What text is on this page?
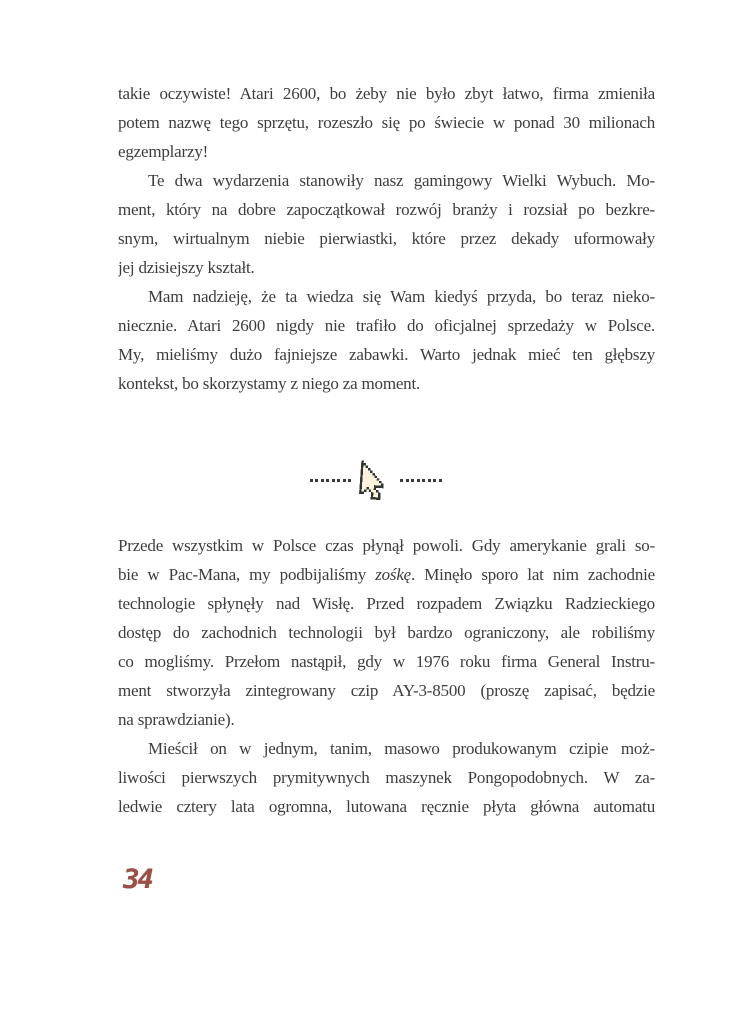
takie oczywiste! Atari 2600, bo żeby nie było zbyt łatwo, firma zmieniła
potem nazwę tego sprzętu, rozeszło się po świecie w ponad 30 milionach
egzemplarzy!
Te dwa wydarzenia stanowiły nasz gamingowy Wielki Wybuch. Mo-
ment, który na dobre zapoczątkował rozwój branży i rozsiał po bezkre-
snym, wirtualnym niebie pierwiastki, które przez dekady uformowały
jej dzisiejszy kształt.
Mam nadzieję, że ta wiedza się Wam kiedyś przyda, bo teraz nieko-
niecznie. Atari 2600 nigdy nie trafiło do oficjalnej sprzedaży w Polsce.
My, mieliśmy dużo fajniejsze zabawki. Warto jednak mieć ten głębszy
kontekst, bo skorzystamy z niego za moment.
Przede wszystkim w Polsce czas płynął powoli. Gdy amerykanie grali so-
bie w Pac-Mana, my podbijaliśmy zośkę. Minęło sporo lat nim zachodnie
technologie spłynęły nad Wisłę. Przed rozpadem Związku Radzieckiego
dostęp do zachodnich technologii był bardzo ograniczony, ale robiliśmy
co mogliśmy. Przełom nastąpił, gdy w 1976 roku firma General Instru-
ment stworzyła zintegrowany czip AY-3-8500 (proszę zapisać, będzie
na sprawdzianie).
Mieścił on w jednym, tanim, masowo produkowanym czipie moż-
liwości pierwszych prymitywnych maszynek Pongopodobnych. W za-
ledwie cztery lata ogromna, lutowana ręcznie płyta główna automatu
34
